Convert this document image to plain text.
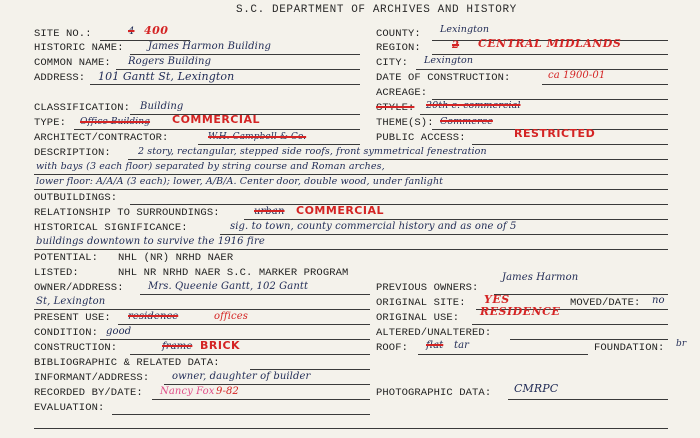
S.C. DEPARTMENT OF ARCHIVES AND HISTORY
SITE NO.:	4 400
HISTORIC NAME: James Harmon Building
COMMON NAME: Rogers Building
ADDRESS: 101 Gantt St, Lexington
CLASSIFICATION: Building
TYPE: Office Building COMMERCIAL
ARCHITECT/CONTRACTOR:	W.H. Campbell & Co.
DESCRIPTION:	2 story, rectangular, stepped side roofs, front symmetrical fenestration
with bays (3 each floor) separated by string course and Roman arches,
lower floor: A/A/A (3 each); lower, A/B/A. Center door, double wood, under fanlight
OUTBUILDINGS:
RELATIONSHIP TO SURROUNDINGS:	urban COMMERCIAL
HISTORICAL SIGNIFICANCE:	sig. to town, county commercial history and as one of 5
buildings downtown to survive the 1916 fire
POTENTIAL: NHL (NR) NRHD NAER
LISTED:	NHL NR NRHD NAER S.C. MARKER PROGRAM
OWNER/ADDRESS: Mrs. Queenie Gantt, 102 Gantt
St, Lexington
PRESENT USE: residence	offices
CONDITION: good
CONSTRUCTION:	frame BRICK
BIBLIOGRAPHIC & RELATED DATA:
INFORMANT/ADDRESS: owner, daughter of builder
RECORDED BY/DATE: Nancy Fox 9-82
EVALUATION:
COUNTY: Lexington
REGION:	2 CENTRAL MIDLANDS
CITY: Lexington
DATE OF CONSTRUCTION:	ca 1900-01
ACREAGE:
STYLE: 20th c. commercial
THEME(S): Commerce
PUBLIC ACCESS:	RESTRICTED
PREVIOUS OWNERS:
James Harmon
ORIGINAL SITE: YES	MOVED/DATE: no
ORIGINAL USE: RESIDENCE
ALTERED/UNALTERED:
ROOF: flat tar	FOUNDATION: br
PHOTOGRAPHIC DATA: CMRPC
